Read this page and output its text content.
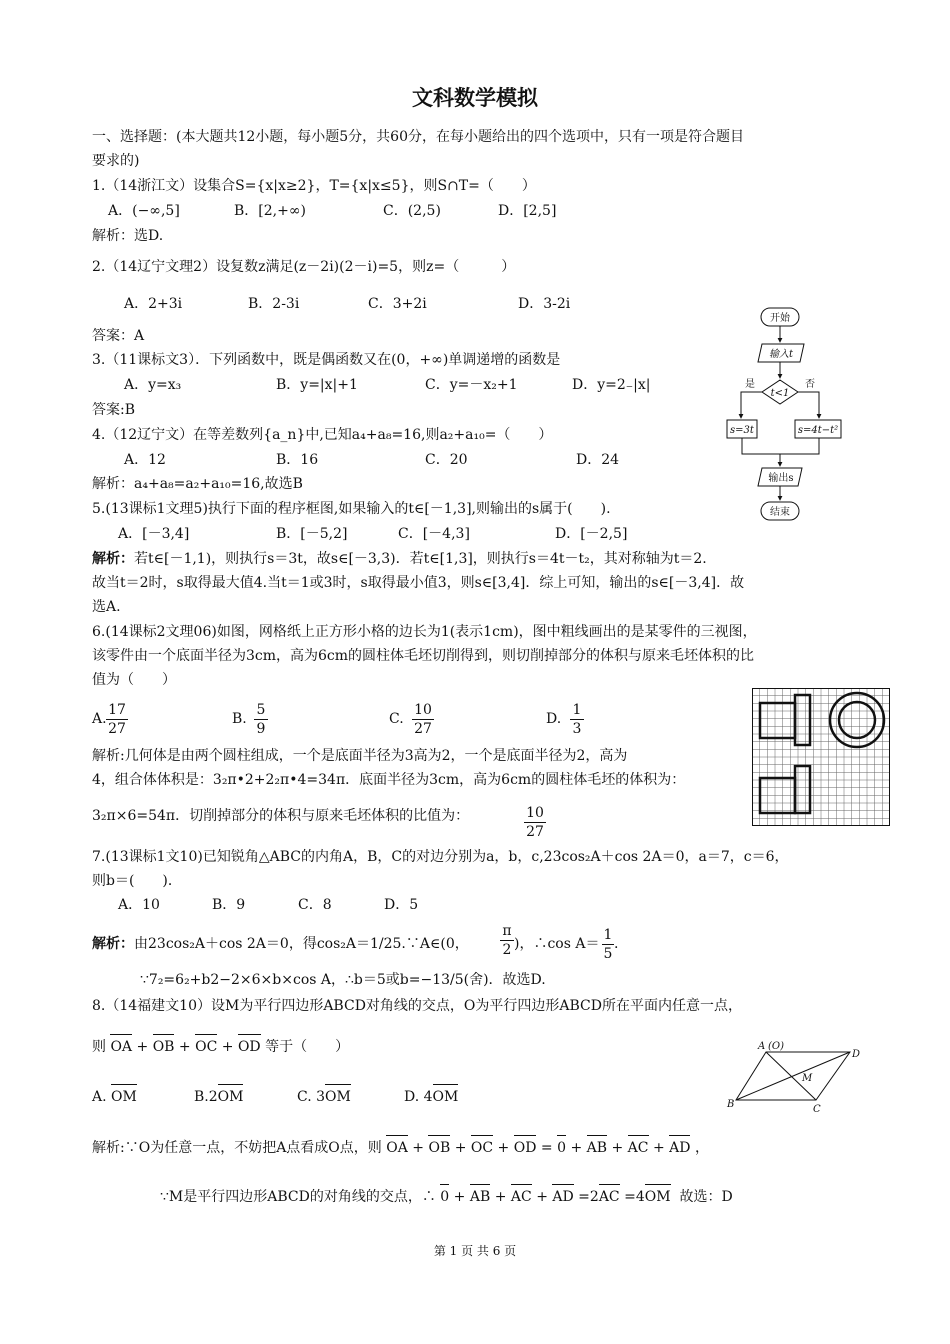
文科数学模拟
一、选择题：(本大题共12小题，每小题5分，共60分，在每小题给出的四个选项中，只有一项是符合题目
要求的)
1.（14浙江文）设集合S={x|x≥2}，T={x|x≤5}，则S∩T=（　　）
A．(−∞,5]	B．[2,+∞)	C．(2,5)	D．[2,5]
解析：选D.
2.（14辽宁文理2）设复数z满足(z－2i)(2－i)=5，则z=（　　　）
A．2+3i	B．2-3i	C．3+2i	D．3-2i
答案：A
3.（11课标文3）．下列函数中，既是偶函数又在(0，+∞)单调递增的函数是
A．y=x₃	B．y=|x|+1	C．y=－x₂+1	D．y=2₋|x|
答案:B
4.（12辽宁文）在等差数列{a_n}中,已知a₄+a₈=16,则a₂+a₁₀=（　　）
A．12	B．16	C．20	D．24
解析：a₄+a₈=a₂+a₁₀=16,故选B
5.(13课标1文理5)执行下面的程序框图,如果输入的t∈[－1,3],则输出的s属于(　　).
A．[－3,4]	B．[－5,2]	C．[－4,3]	D．[－2,5]
解析：若t∈[－1,1)，则执行s＝3t，故s∈[－3,3)．若t∈[1,3]，则执行s＝4t－t₂，其对称轴为t＝2.
故当t＝2时，s取得最大值4.当t＝1或3时，s取得最小值3，则s∈[3,4]．综上可知，输出的s∈[－3,4]．故
选A.
开始
输入t
t<1
是	否
s=3t	s=4t−t²
输出s
结束
6.(14课标2文理06)如图，网格纸上正方形小格的边长为1(表示1cm)，图中粗线画出的是某零件的三视图，
该零件由一个底面半径为3cm，高为6cm的圆柱体毛坯切削得到，则切削掉部分的体积与原来毛坯体积的比
值为（　　）
A. $\frac{17}{27}$	B. $\frac{5}{9}$	C. $\frac{10}{27}$	D. $\frac{1}{3}$
解析:几何体是由两个圆柱组成，一个是底面半径为3高为2，一个是底面半径为2，高为
4，组合体体积是：3₂π•2+2₂π•4=34π．底面半径为3cm，高为6cm的圆柱体毛坯的体积为：
3₂π×6=54π．切削掉部分的体积与原来毛坯体积的比值为：	$\frac{10}{27}$
7.(13课标1文10)已知锐角△ABC的内角A，B，C的对边分别为a，b，c,23cos₂A＋cos 2A＝0，a＝7，c＝6，
则b＝(　　)．
A．10	B．9	C．8	D．5
解析：由23cos₂A＋cos 2A＝0，得cos₂A＝1/25.∵A∈(0， $\frac{\pi}{2}$ )，∴cos $A= \frac{1}{5}$ .
∵7₂=6₂+b2−2×6×b×cos A，∴b＝5或b=−13/5(舍)．故选D.
8.（14福建文10）设M为平行四边形ABCD对角线的交点，O为平行四边形ABCD所在平面内任意一点，
则 OA + OB + OC + OD 等于（　　）
A. OM	B.2OM	C. 3OM	D. 4OM
A (O)
B	C
D
M
解析:∵O为任意一点，不妨把A点看成O点，则 OA + OB + OC + OD = 0 + AB + AC + AD ，
∵M是平行四边形ABCD的对角线的交点，∴ 0 + AB + AC + AD =2AC =4OM 故选：D
第 1 页 共 6 页
